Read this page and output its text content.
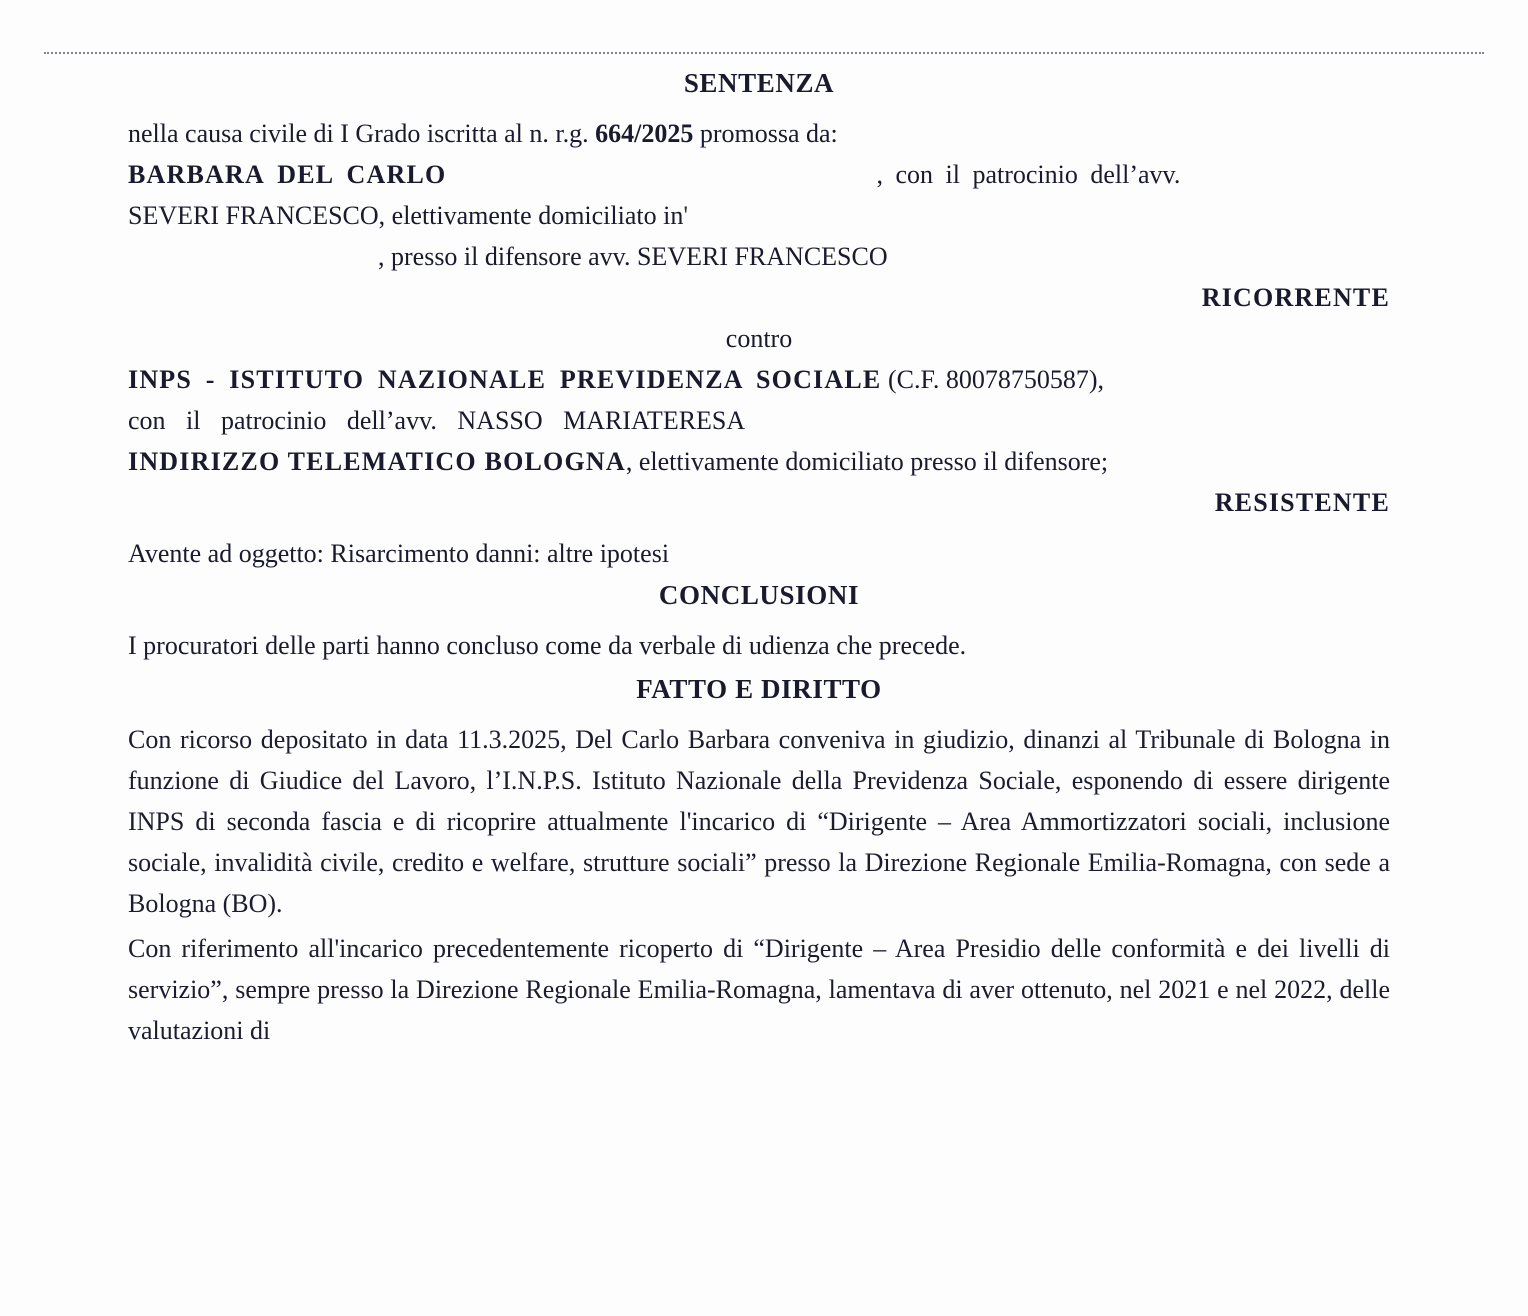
SENTENZA
nella causa civile di I Grado iscritta al n. r.g. 664/2025 promossa da:
BARBARA DEL CARLO	, con il patrocinio dell’avv.
SEVERI FRANCESCO, elettivamente domiciliato in'
, presso il difensore avv. SEVERI FRANCESCO
RICORRENTE
contro
INPS - ISTITUTO NAZIONALE PREVIDENZA SOCIALE (C.F. 80078750587),
con il patrocinio dell’avv. NASSO MARIATERESA
INDIRIZZO TELEMATICO BOLOGNA, elettivamente domiciliato presso il difensore;
RESISTENTE
Avente ad oggetto: Risarcimento danni: altre ipotesi
CONCLUSIONI
I procuratori delle parti hanno concluso come da verbale di udienza che precede.
FATTO E DIRITTO

Con ricorso depositato in data 11.3.2025, Del Carlo Barbara conveniva in giudizio, dinanzi al Tribunale di Bologna in funzione di Giudice del Lavoro, l’I.N.P.S. Istituto Nazionale della Previdenza Sociale, esponendo di essere dirigente INPS di seconda fascia e di ricoprire attualmente l'incarico di “Dirigente – Area Ammortizzatori sociali, inclusione sociale, invalidità civile, credito e welfare, strutture sociali” presso la Direzione Regionale Emilia-Romagna, con sede a Bologna (BO).

Con riferimento all'incarico precedentemente ricoperto di “Dirigente – Area Presidio delle conformità e dei livelli di servizio”, sempre presso la Direzione Regionale Emilia-Romagna, lamentava di aver ottenuto, nel 2021 e nel 2022, delle valutazioni di
